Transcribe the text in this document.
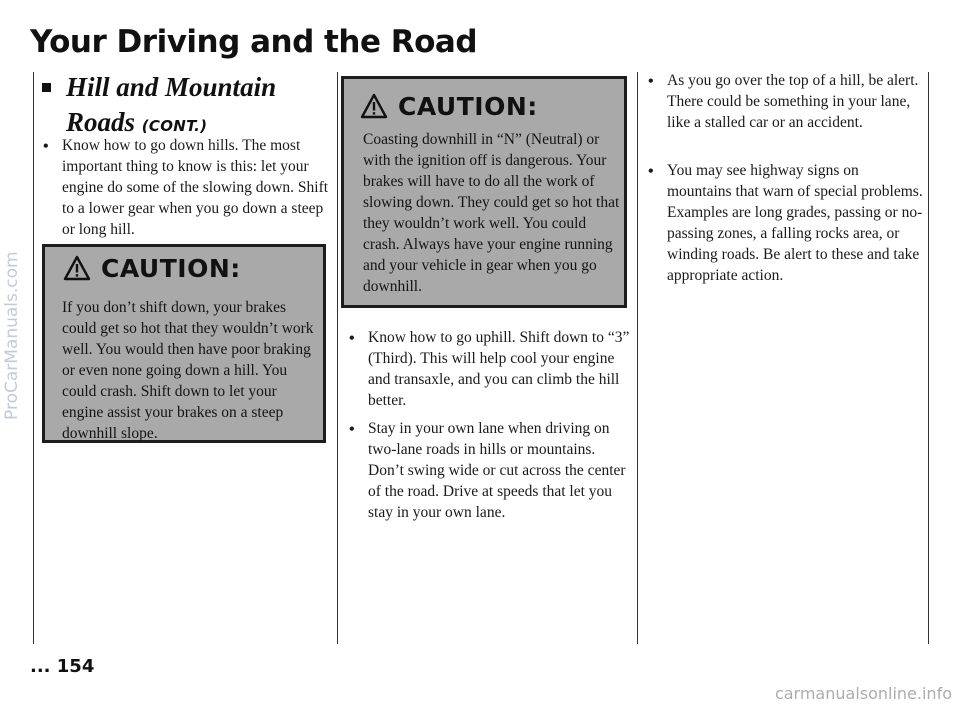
Your Driving and the Road
Hill and Mountain
Roads (CONT.)
• Know how to go down hills. The most important thing to know is this: let your engine do some of the slowing down. Shift to a lower gear when you go down a steep or long hill.
CAUTION:
If you don’t shift down, your brakes could get so hot that they wouldn’t work well. You would then have poor braking or even none going down a hill. You could crash. Shift down to let your engine assist your brakes on a steep downhill slope.
CAUTION:
Coasting downhill in “N” (Neutral) or with the ignition off is dangerous. Your brakes will have to do all the work of slowing down. They could get so hot that they wouldn’t work well. You could crash. Always have your engine running and your vehicle in gear when you go downhill.
• Know how to go uphill. Shift down to “3” (Third). This will help cool your engine and transaxle, and you can climb the hill better.
• Stay in your own lane when driving on two-lane roads in hills or mountains. Don’t swing wide or cut across the center of the road. Drive at speeds that let you stay in your own lane.
• As you go over the top of a hill, be alert. There could be something in your lane, like a stalled car or an accident.
• You may see highway signs on mountains that warn of special problems. Examples are long grades, passing or no-passing zones, a falling rocks area, or winding roads. Be alert to these and take appropriate action.
... 154
ProCarManuals.com
carmanualsonline.info
